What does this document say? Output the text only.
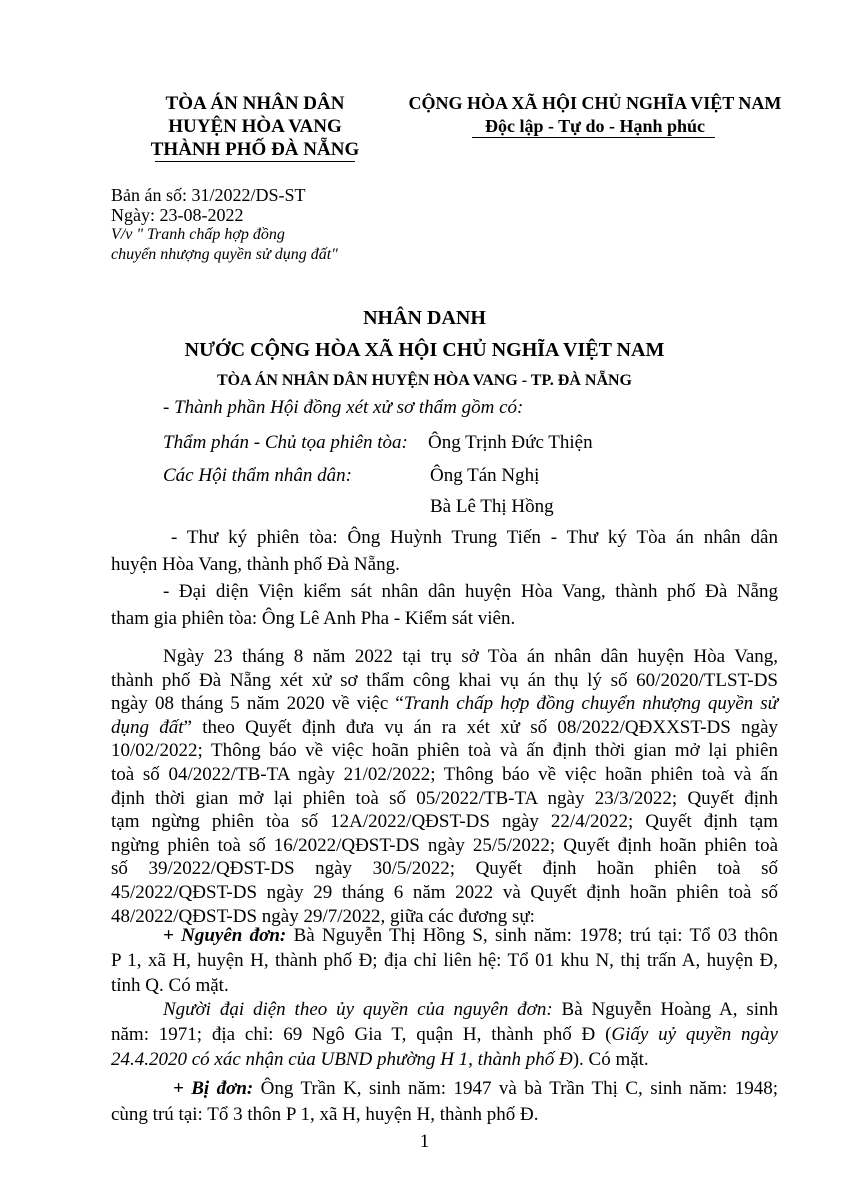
TÒA ÁN NHÂN DÂN
HUYỆN HÒA VANG
THÀNH PHỐ ĐÀ NẴNG
CỘNG HÒA XÃ HỘI CHỦ NGHĨA VIỆT NAM
Độc lập - Tự do - Hạnh phúc
Bản án số: 31/2022/DS-ST
Ngày: 23-08-2022
V/v " Tranh chấp hợp đồng
chuyển nhượng quyền sử dụng đất"
NHÂN DANH
NƯỚC CỘNG HÒA XÃ HỘI CHỦ NGHĨA VIỆT NAM
TÒA ÁN NHÂN DÂN HUYỆN HÒA VANG - TP. ĐÀ NẴNG
- Thành phần Hội đồng xét xử sơ thẩm gồm có:
Thẩm phán - Chủ tọa phiên tòa: Ông Trịnh Đức Thiện
Các Hội thẩm nhân dân:	Ông Tán Nghị
Bà Lê Thị Hồng
- Thư ký phiên tòa: Ông Huỳnh Trung Tiến - Thư ký Tòa án nhân dân
huyện Hòa Vang, thành phố Đà Nẵng.
- Đại diện Viện kiểm sát nhân dân huyện Hòa Vang, thành phố Đà Nẵng
tham gia phiên tòa: Ông Lê Anh Pha - Kiểm sát viên.
Ngày 23 tháng 8 năm 2022 tại trụ sở Tòa án nhân dân huyện Hòa Vang,
thành phố Đà Nẵng xét xử sơ thẩm công khai vụ án thụ lý số 60/2020/TLST-DS
ngày 08 tháng 5 năm 2020 về việc “Tranh chấp hợp đồng chuyển nhượng quyền sử
dụng đất” theo Quyết định đưa vụ án ra xét xử số 08/2022/QĐXXST-DS ngày
10/02/2022; Thông báo về việc hoãn phiên toà và ấn định thời gian mở lại phiên
toà số 04/2022/TB-TA ngày 21/02/2022; Thông báo về việc hoãn phiên toà và ấn
định thời gian mở lại phiên toà số 05/2022/TB-TA ngày 23/3/2022; Quyết định
tạm ngừng phiên tòa số 12A/2022/QĐST-DS ngày 22/4/2022; Quyết định tạm
ngừng phiên toà số 16/2022/QĐST-DS ngày 25/5/2022; Quyết định hoãn phiên toà
số 39/2022/QĐST-DS ngày 30/5/2022; Quyết định hoãn phiên toà số
45/2022/QĐST-DS ngày 29 tháng 6 năm 2022 và Quyết định hoãn phiên toà số
48/2022/QĐST-DS ngày 29/7/2022, giữa các đương sự:
+ Nguyên đơn: Bà Nguyễn Thị Hồng S, sinh năm: 1978; trú tại: Tổ 03 thôn
P 1, xã H, huyện H, thành phố Đ; địa chỉ liên hệ: Tổ 01 khu N, thị trấn A, huyện Đ,
tỉnh Q. Có mặt.
Người đại diện theo ủy quyền của nguyên đơn: Bà Nguyễn Hoàng A, sinh
năm: 1971; địa chỉ: 69 Ngô Gia T, quận H, thành phố Đ (Giấy uỷ quyền ngày
24.4.2020 có xác nhận của UBND phường H 1, thành phố Đ). Có mặt.
+ Bị đơn: Ông Trần K, sinh năm: 1947 và bà Trần Thị C, sinh năm: 1948;
cùng trú tại: Tổ 3 thôn P 1, xã H, huyện H, thành phố Đ.
1
